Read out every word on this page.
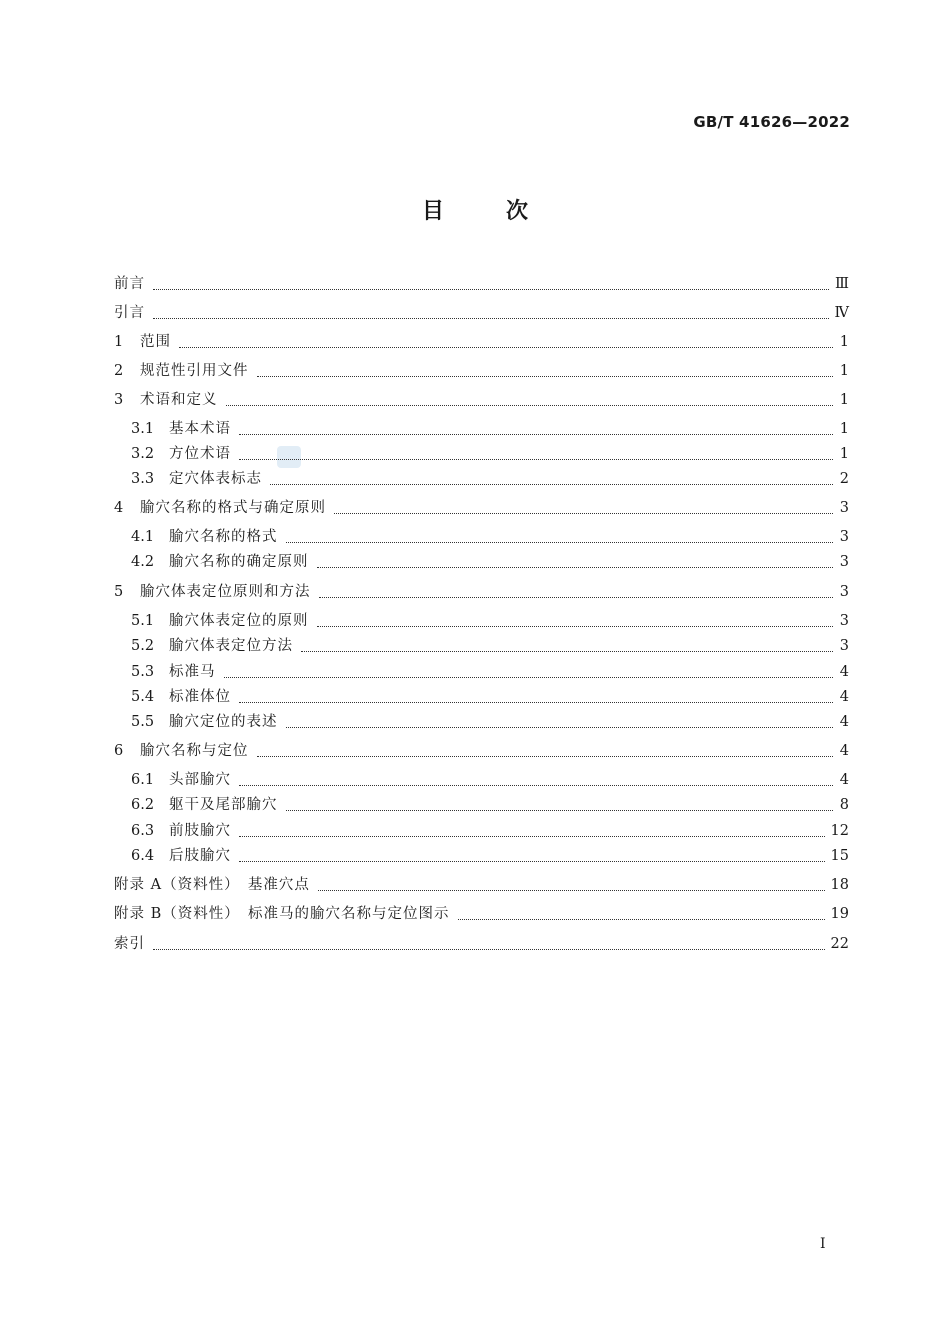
GB/T 41626—2022
目	次
前言	Ⅲ
引言	Ⅳ
1	范围	1
2	规范性引用文件	1
3	术语和定义	1
3.1	基本术语	1
3.2	方位术语	1
3.3	定穴体表标志	2
4	腧穴名称的格式与确定原则	3
4.1	腧穴名称的格式	3
4.2	腧穴名称的确定原则	3
5	腧穴体表定位原则和方法	3
5.1	腧穴体表定位的原则	3
5.2	腧穴体表定位方法	3
5.3	标准马	4
5.4	标准体位	4
5.5	腧穴定位的表述	4
6	腧穴名称与定位	4
6.1	头部腧穴	4
6.2	躯干及尾部腧穴	8
6.3	前肢腧穴	12
6.4	后肢腧穴	15
附录 A（资料性）　基准穴点	18
附录 B（资料性）　标准马的腧穴名称与定位图示	19
索引	22
I
